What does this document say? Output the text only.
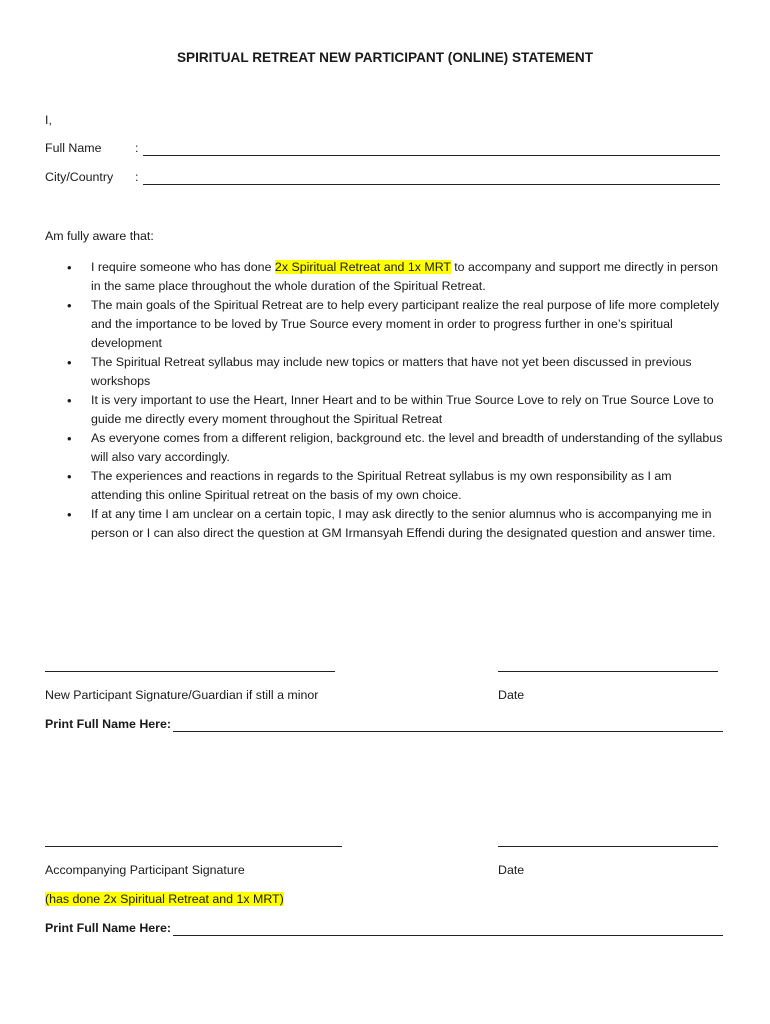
SPIRITUAL RETREAT NEW PARTICIPANT (ONLINE) STATEMENT
I,
Full Name	:
City/Country :
Am fully aware that:
• I require someone who has done 2x Spiritual Retreat and 1x MRT to accompany and support me directly in person in the same place throughout the whole duration of the Spiritual Retreat.
• The main goals of the Spiritual Retreat are to help every participant realize the real purpose of life more completely and the importance to be loved by True Source every moment in order to progress further in one’s spiritual development
• The Spiritual Retreat syllabus may include new topics or matters that have not yet been discussed in previous workshops
• It is very important to use the Heart, Inner Heart and to be within True Source Love to rely on True Source Love to guide me directly every moment throughout the Spiritual Retreat
• As everyone comes from a different religion, background etc. the level and breadth of understanding of the syllabus will also vary accordingly.
• The experiences and reactions in regards to the Spiritual Retreat syllabus is my own responsibility as I am attending this online Spiritual retreat on the basis of my own choice.
• If at any time I am unclear on a certain topic, I may ask directly to the senior alumnus who is accompanying me in person or I can also direct the question at GM Irmansyah Effendi during the designated question and answer time.
New Participant Signature/Guardian if still a minor	Date
Print Full Name Here:
Accompanying Participant Signature	Date
(has done 2x Spiritual Retreat and 1x MRT)
Print Full Name Here:
